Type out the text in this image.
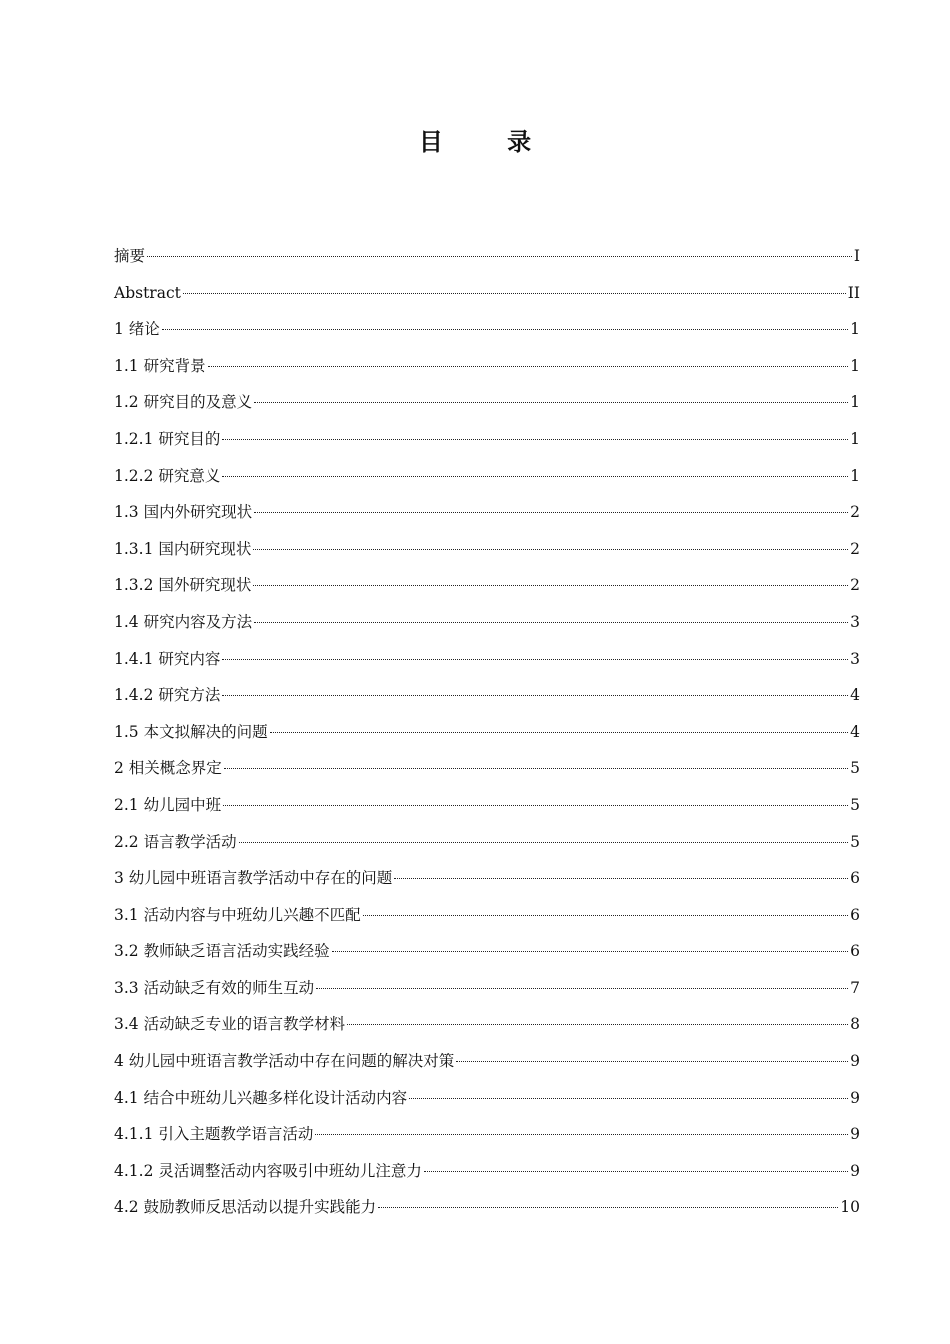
目 录
摘要	I
Abstract	II
1 绪论	1
1.1 研究背景	1
1.2 研究目的及意义	1
1.2.1 研究目的	1
1.2.2 研究意义	1
1.3 国内外研究现状	2
1.3.1 国内研究现状	2
1.3.2 国外研究现状	2
1.4 研究内容及方法	3
1.4.1 研究内容	3
1.4.2 研究方法	4
1.5 本文拟解决的问题	4
2 相关概念界定	5
2.1 幼儿园中班	5
2.2 语言教学活动	5
3 幼儿园中班语言教学活动中存在的问题	6
3.1 活动内容与中班幼儿兴趣不匹配	6
3.2 教师缺乏语言活动实践经验	6
3.3 活动缺乏有效的师生互动	7
3.4 活动缺乏专业的语言教学材料	8
4 幼儿园中班语言教学活动中存在问题的解决对策	9
4.1 结合中班幼儿兴趣多样化设计活动内容	9
4.1.1 引入主题教学语言活动	9
4.1.2 灵活调整活动内容吸引中班幼儿注意力	9
4.2 鼓励教师反思活动以提升实践能力	10
